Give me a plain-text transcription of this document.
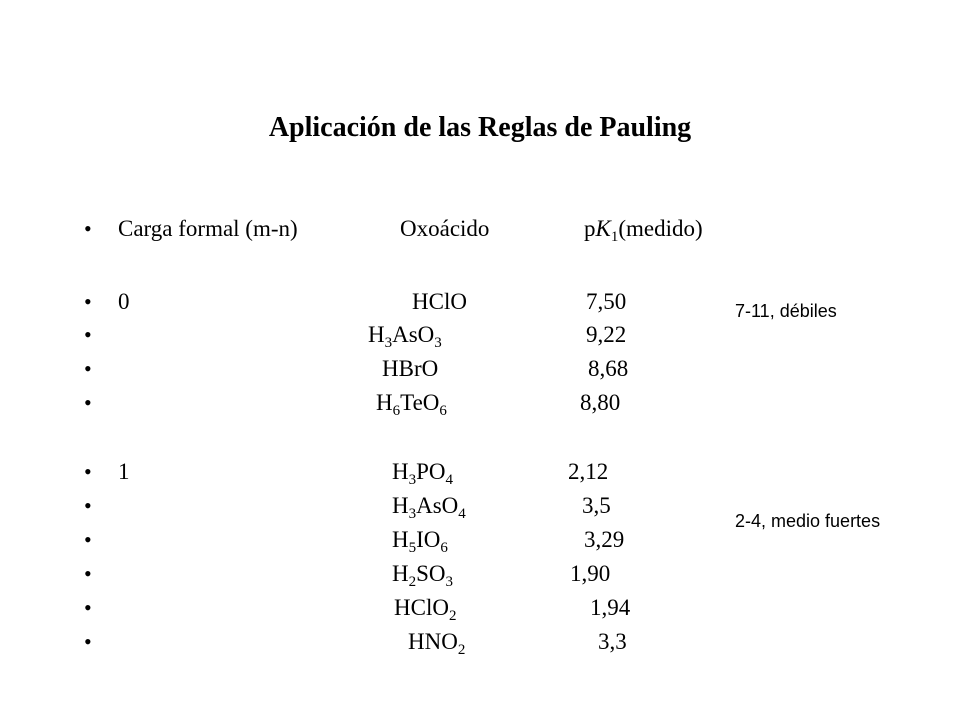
Aplicación de las Reglas de Pauling
• Carga formal (m-n)	Oxoácido	$pK_1(medido)$
• 0	HClO	7,50
•	$H_3AsO_3$	9,22
•	HBrO	8,68
•	$H_6TeO_6$	8,80
• 1	$H_3PO_4$	2,12
•	$H_3AsO_4$	3,5
•	$H_5IO_6$	3,29
•	$H_2SO_3$	1,90
•	HClO$_2$	1,94
•	$HNO_2$	3,3
7-11, débiles
2-4, medio fuertes
